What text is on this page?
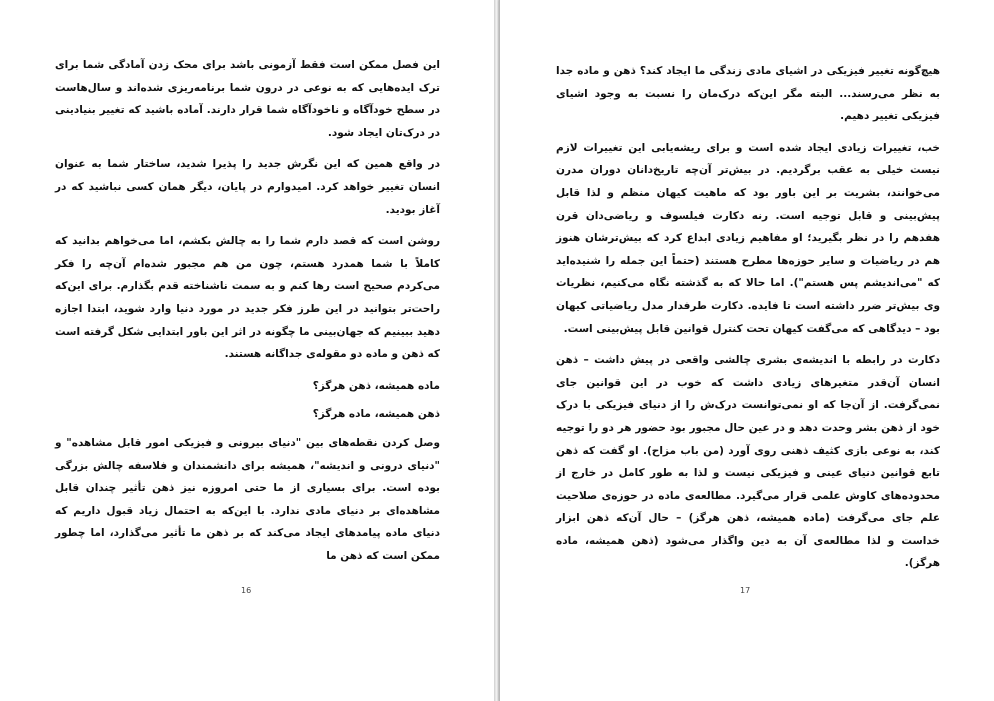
این فصل ممکن است فقط آزمونی باشد برای محک زدن آمادگی شما برای ترک ایده‌هایی که به نوعی در درون شما برنامه‌ریزی شده‌اند و سال‌هاست در سطح خودآگاه و ناخودآگاه شما قرار دارند. آماده باشید که تغییر بنیادینی در درک‌تان ایجاد شود.

در واقع همین که این نگرش جدید را پذیرا شدید، ساختار شما به عنوان انسان تغییر خواهد کرد. امیدوارم در پایان، دیگر همان کسی نباشید که در آغاز بودید.

روشن است که قصد دارم شما را به چالش بکشم، اما می‌خواهم بدانید که کاملاً با شما همدرد هستم، چون من هم مجبور شده‌ام آن‌چه را فکر می‌کردم صحیح است رها کنم و به سمت ناشناخته قدم بگذارم. برای این‌که راحت‌تر بتوانید در این طرز فکر جدید در مورد دنیا وارد شوید، ابتدا اجازه دهید ببینیم که جهان‌بینی ما چگونه در اثر این باور ابتدایی شکل گرفته است که ذهن و ماده دو مقوله‌ی جداگانه هستند.

ماده همیشه، ذهن هرگز؟

ذهن همیشه، ماده هرگز؟

وصل کردن نقطه‌های بین "دنیای بیرونی و فیزیکی امور قابل مشاهده" و "دنیای درونی و اندیشه"، همیشه برای دانشمندان و فلاسفه چالش بزرگی بوده است. برای بسیاری از ما حتی امروزه نیز ذهن تأثیر چندان قابل مشاهده‌ای بر دنیای مادی ندارد. با این‌که به احتمال زیاد قبول داریم که دنیای ماده پیامدهای ایجاد می‌کند که بر ذهن ما تأثیر می‌گذارد، اما چطور ممکن است که ذهن ما

هیچ‌گونه تغییر فیزیکی در اشیای مادی زندگی ما ایجاد کند؟ ذهن و ماده جدا به نظر می‌رسند... البته مگر این‌که درک‌مان را نسبت به وجود اشیای فیزیکی تغییر دهیم.

خب، تغییرات زیادی ایجاد شده است و برای ریشه‌یابی این تغییرات لازم نیست خیلی به عقب برگردیم. در بیش‌تر آن‌چه تاریخ‌دانان دوران مدرن می‌خوانند، بشریت بر این باور بود که ماهیت کیهان منظم و لذا قابل پیش‌بینی و قابل توجیه است. رنه دکارت فیلسوف و ریاضی‌دان قرن هفدهم را در نظر بگیرید؛ او مفاهیم زیادی ابداع کرد که بیش‌ترشان هنوز هم در ریاضیات و سایر حوزه‌ها مطرح هستند (حتماً این جمله را شنیده‌اید که "می‌اندیشم پس هستم"). اما حالا که به گذشته نگاه می‌کنیم، نظریات وی بیش‌تر ضرر داشته است تا فایده. دکارت طرفدار مدل ریاضیاتی کیهان بود – دیدگاهی که می‌گفت کیهان تحت کنترل قوانین قابل پیش‌بینی است.

دکارت در رابطه با اندیشه‌ی بشری چالشی واقعی در پیش داشت – ذهن انسان آن‌قدر متغیرهای زیادی داشت که خوب در این قوانین جای نمی‌گرفت. از آن‌جا که او نمی‌توانست درک‌ش را از دنیای فیزیکی با درک خود از ذهن بشر وحدت دهد و در عین حال مجبور بود حضور هر دو را توجیه کند، به نوعی بازی کثیف ذهنی روی آورد (من باب مزاح). او گفت که ذهن تابع قوانین دنیای عینی و فیزیکی نیست و لذا به طور کامل در خارج از محدوده‌های کاوش علمی قرار می‌گیرد. مطالعه‌ی ماده در حوزه‌ی صلاحیت علم جای می‌گرفت (ماده همیشه، ذهن هرگز) – حال آن‌که ذهن ابزار خداست و لذا مطالعه‌ی آن به دین واگذار می‌شود (ذهن همیشه، ماده هرگز).

16	17
